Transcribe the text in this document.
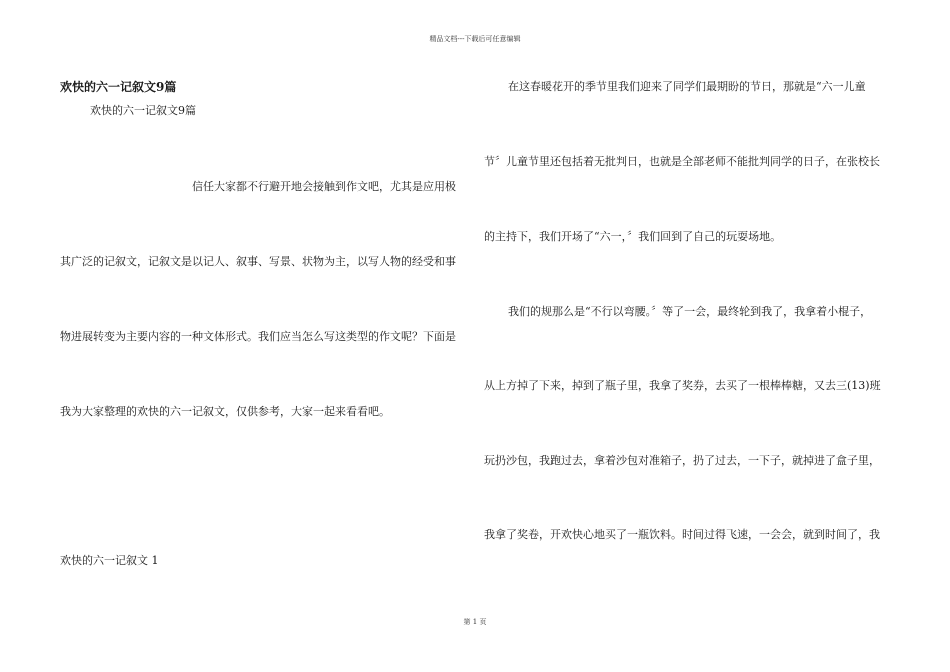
精品文档---下载后可任意编辑
欢快的六一记叙文9篇
欢快的六一记叙文9篇
信任大家都不行避开地会接触到作文吧，尤其是应用极
其广泛的记叙文，记叙文是以记人、叙事、写景、状物为主，以写人物的经受和事
物进展转变为主要内容的一种文体形式。我们应当怎么写这类型的作文呢？下面是
我为大家整理的欢快的六一记叙文，仅供参考，大家一起来看看吧。
欢快的六一记叙文 1
在这春暖花开的季节里我们迎来了同学们最期盼的节日，那就是“六一儿童
节〞儿童节里还包括着无批判日，也就是全部老师不能批判同学的日子，在张校长
的主持下，我们开场了“六一，〞我们回到了自己的玩耍场地。
我们的规那么是“不行以弯腰。〞等了一会，最终轮到我了，我拿着小棍子，
从上方掉了下来，掉到了瓶子里，我拿了奖券，去买了一根棒棒糖，又去三(13)班
玩扔沙包，我跑过去，拿着沙包对准箱子，扔了过去，一下子，就掉进了盒子里，
我拿了奖卷，开欢快心地买了一瓶饮料。时间过得飞速，一会会，就到时间了，我
第 1 页
